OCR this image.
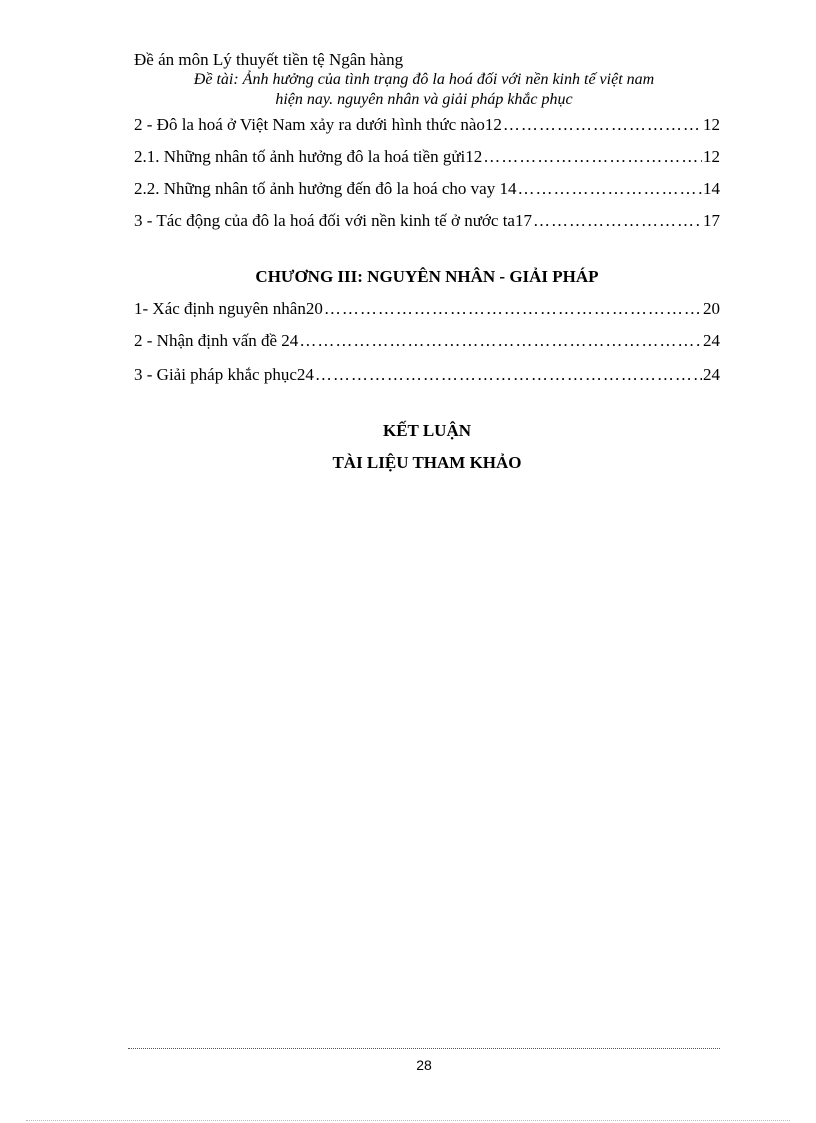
Đề án môn Lý thuyết tiền tệ Ngân hàng
Đề tài: Ảnh hưởng của tình trạng đô la hoá đối với nền kinh tế việt nam
hiện nay. nguyên nhân và giải pháp khắc phục
2 - Đô la hoá ở Việt Nam xảy ra dưới hình thức nào12 ……………………………………………………………………………………………………………………………………………………………………………………	12
2.1. Những nhân tố ảnh hưởng đô la hoá tiền gửi12 ……………………………………………………………………………………………………………………………………………………………………………………	12
2.2. Những nhân tố ảnh hưởng đến đô la hoá cho vay 14 ……………………………………………………………………………………………………………………………………………………………………………………	14
3 - Tác động của đô la hoá đối với nền kinh tế ở nước ta17 ……………………………………………………………………………………………………………………………………………………………………………………	17
CHƯƠNG III: NGUYÊN NHÂN - GIẢI PHÁP
1- Xác định nguyên nhân20 ……………………………………………………………………………………………………………………………………………………………………………………	20
2 - Nhận định vấn đề 24 ……………………………………………………………………………………………………………………………………………………………………………………	24
3 - Giải pháp khắc phục24 ……………………………………………………………………………………………………………………………………………………………………………………	24
KẾT LUẬN
TÀI LIỆU THAM KHẢO
28
